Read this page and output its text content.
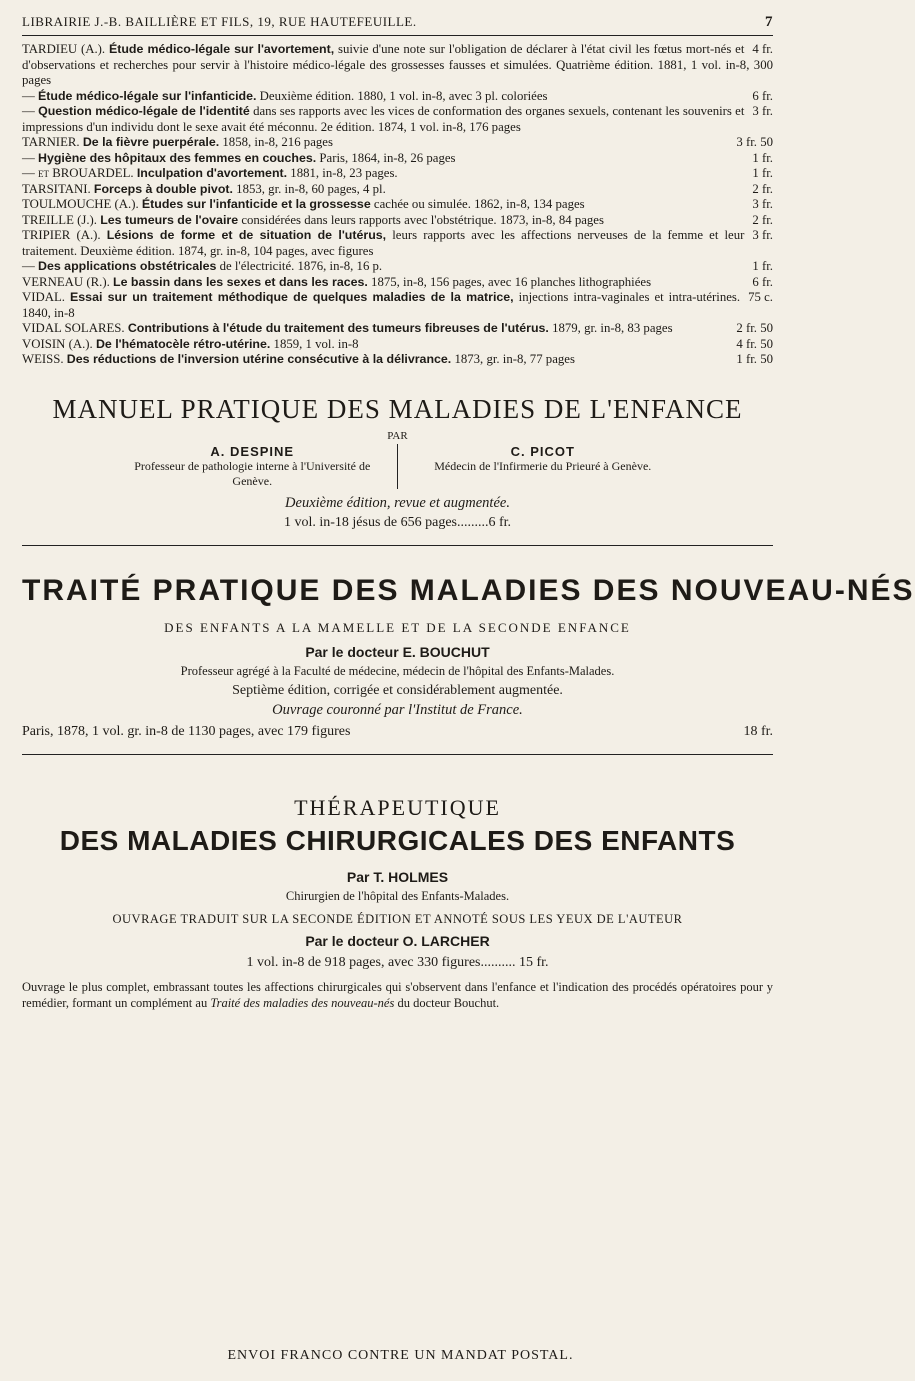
LIBRAIRIE J.-B. BAILLIÈRE ET FILS, 19, RUE HAUTEFEUILLE.	7

4 fr.
TARDIEU (A.). Étude médico-légale sur l'avortement, suivie d'une note sur l'obligation de déclarer à l'état civil les fœtus mort-nés et d'observations et recherches pour servir à l'histoire médico-légale des grossesses fausses et simulées. Quatrième édition. 1881, 1 vol. in-8, 300 pages

6 fr.
— Étude médico-légale sur l'infanticide. Deuxième édition. 1880, 1 vol. in-8, avec 3 pl. coloriées

3 fr.
— Question médico-légale de l'identité dans ses rapports avec les vices de conformation des organes sexuels, contenant les souvenirs et impressions d'un individu dont le sexe avait été méconnu. 2e édition. 1874, 1 vol. in-8, 176 pages

3 fr. 50
TARNIER. De la fièvre puerpérale. 1858, in-8, 216 pages

1 fr.
— Hygiène des hôpitaux des femmes en couches. Paris, 1864, in-8, 26 pages

1 fr.
— et BROUARDEL. Inculpation d'avortement. 1881, in-8, 23 pages.

2 fr.
TARSITANI. Forceps à double pivot. 1853, gr. in-8, 60 pages, 4 pl.

3 fr.
TOULMOUCHE (A.). Études sur l'infanticide et la grossesse cachée ou simulée. 1862, in-8, 134 pages

2 fr.
TREILLE (J.). Les tumeurs de l'ovaire considérées dans leurs rapports avec l'obstétrique. 1873, in-8, 84 pages

3 fr.
TRIPIER (A.). Lésions de forme et de situation de l'utérus, leurs rapports avec les affections nerveuses de la femme et leur traitement. Deuxième édition. 1874, gr. in-8, 104 pages, avec figures

1 fr.
— Des applications obstétricales de l'électricité. 1876, in-8, 16 p.

6 fr.
VERNEAU (R.). Le bassin dans les sexes et dans les races. 1875, in-8, 156 pages, avec 16 planches lithographiées

75 c.
VIDAL. Essai sur un traitement méthodique de quelques maladies de la matrice, injections intra-vaginales et intra-utérines. 1840, in-8

2 fr. 50
VIDAL SOLARES. Contributions à l'étude du traitement des tumeurs fibreuses de l'utérus. 1879, gr. in-8, 83 pages

4 fr. 50
VOISIN (A.). De l'hématocèle rétro-utérine. 1859, 1 vol. in-8

1 fr. 50
WEISS. Des réductions de l'inversion utérine consécutive à la délivrance. 1873, gr. in-8, 77 pages

MANUEL PRATIQUE DES MALADIES DE L'ENFANCE
PAR
A. DESPINE
Professeur de pathologie interne à l'Université de Genève.
C. PICOT
Médecin de l'Infirmerie du Prieuré à Genève.
Deuxième édition, revue et augmentée.
1 vol. in-18 jésus de 656 pages ......... 6 fr.
TRAITÉ PRATIQUE DES MALADIES DES NOUVEAU-NÉS
DES ENFANTS A LA MAMELLE ET DE LA SECONDE ENFANCE
Par le docteur E. BOUCHUT
Professeur agrégé à la Faculté de médecine, médecin de l'hôpital des Enfants-Malades.
Septième édition, corrigée et considérablement augmentée.
Ouvrage couronné par l'Institut de France.
Paris, 1878, 1 vol. gr. in-8 de 1130 pages, avec 179 figures	18 fr.
THÉRAPEUTIQUE
DES MALADIES CHIRURGICALES DES ENFANTS
Par T. HOLMES
Chirurgien de l'hôpital des Enfants-Malades.
OUVRAGE TRADUIT SUR LA SECONDE ÉDITION ET ANNOTÉ SOUS LES YEUX DE L'AUTEUR
Par le docteur O. LARCHER
1 vol. in-8 de 918 pages, avec 330 figures .......... 15 fr.
Ouvrage le plus complet, embrassant toutes les affections chirurgicales qui s'observent dans l'enfance et l'indication des procédés opératoires pour y remédier, formant un complément au Traité des maladies des nouveau-nés du docteur Bouchut.
ENVOI FRANCO CONTRE UN MANDAT POSTAL.
